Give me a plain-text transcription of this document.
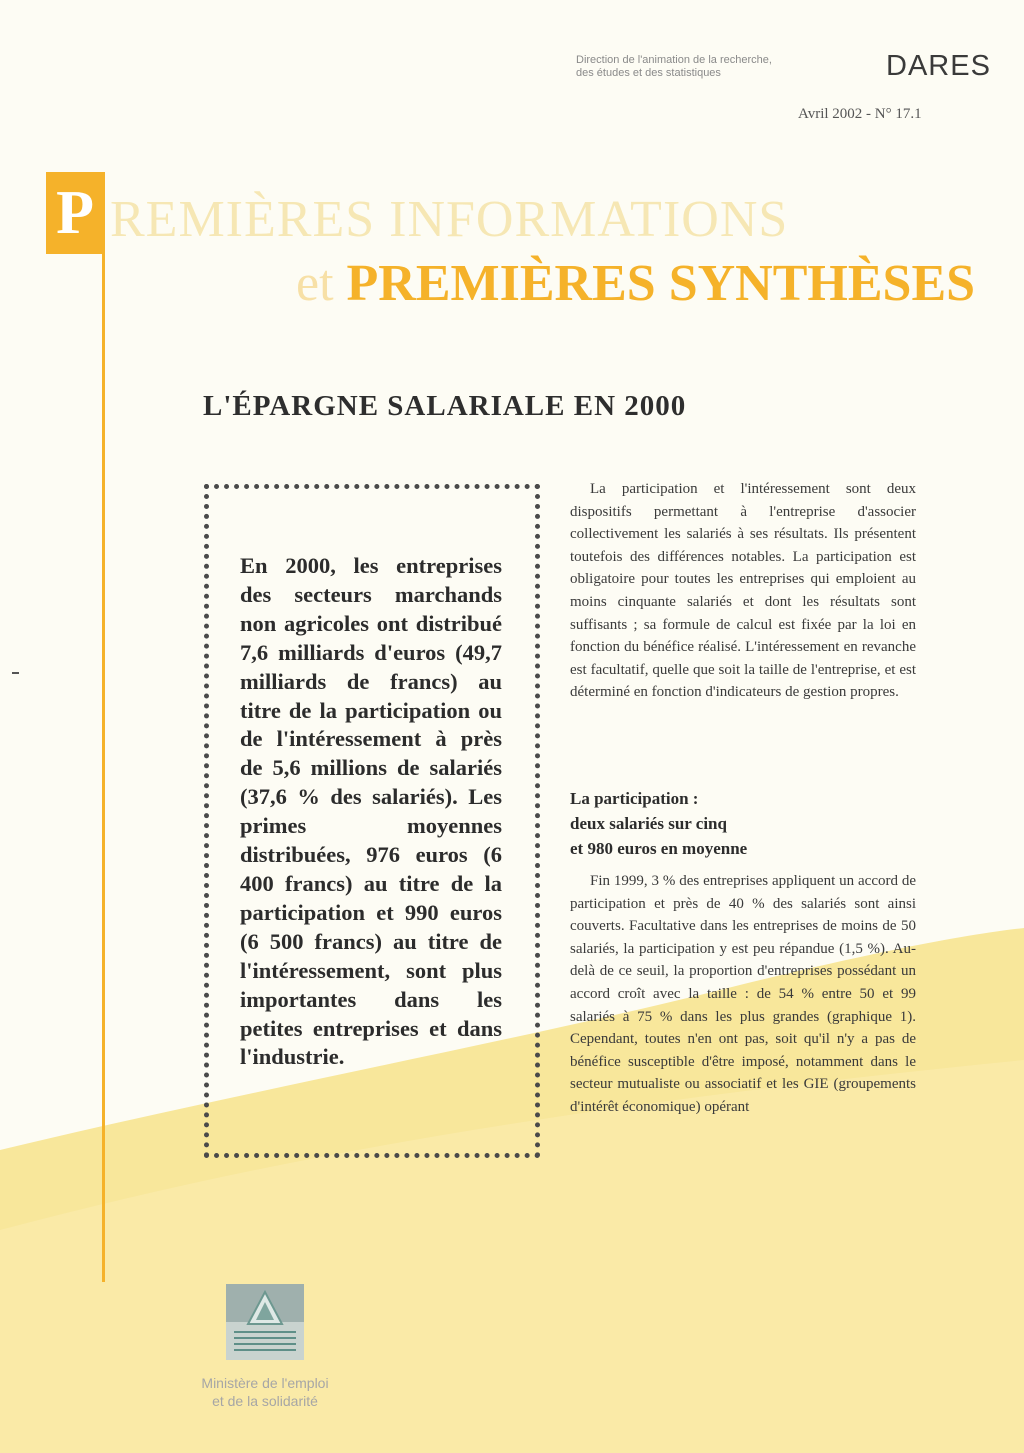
Direction de l'animation de la recherche,
des études et des statistiques	DARES
Avril 2002 - N° 17.1
P REMIÈRES INFORMATIONS
et PREMIÈRES SYNTHÈSES
L'ÉPARGNE SALARIALE EN 2000
En 2000, les entreprises des secteurs marchands non agricoles ont distribué 7,6 milliards d'euros (49,7 milliards de francs) au titre de la participation ou de l'intéressement à près de 5,6 millions de salariés (37,6 % des salariés). Les primes moyennes distribuées, 976 euros (6 400 francs) au titre de la participation et 990 euros (6 500 francs) au titre de l'intéressement, sont plus importantes dans les petites entreprises et dans l'industrie.

La participation et l'intéressement sont deux dispositifs permettant à l'entreprise d'associer collectivement les salariés à ses résultats. Ils présentent toutefois des différences notables. La participation est obligatoire pour toutes les entreprises qui emploient au moins cinquante salariés et dont les résultats sont suffisants ; sa formule de calcul est fixée par la loi en fonction du bénéfice réalisé. L'intéressement en revanche est facultatif, quelle que soit la taille de l'entreprise, et est déterminé en fonction d'indicateurs de gestion propres.

La participation :
deux salariés sur cinq
et 980 euros en moyenne

Fin 1999, 3 % des entreprises appliquent un accord de participation et près de 40 % des salariés sont ainsi couverts. Facultative dans les entreprises de moins de 50 salariés, la participation y est peu répandue (1,5 %). Au-delà de ce seuil, la proportion d'entreprises possédant un accord croît avec la taille : de 54 % entre 50 et 99 salariés à 75 % dans les plus grandes (graphique 1). Cependant, toutes n'en ont pas, soit qu'il n'y a pas de bénéfice susceptible d'être imposé, notamment dans le secteur mutualiste ou associatif et les GIE (groupements d'intérêt économique) opérant

Ministère de l'emploi
et de la solidarité
